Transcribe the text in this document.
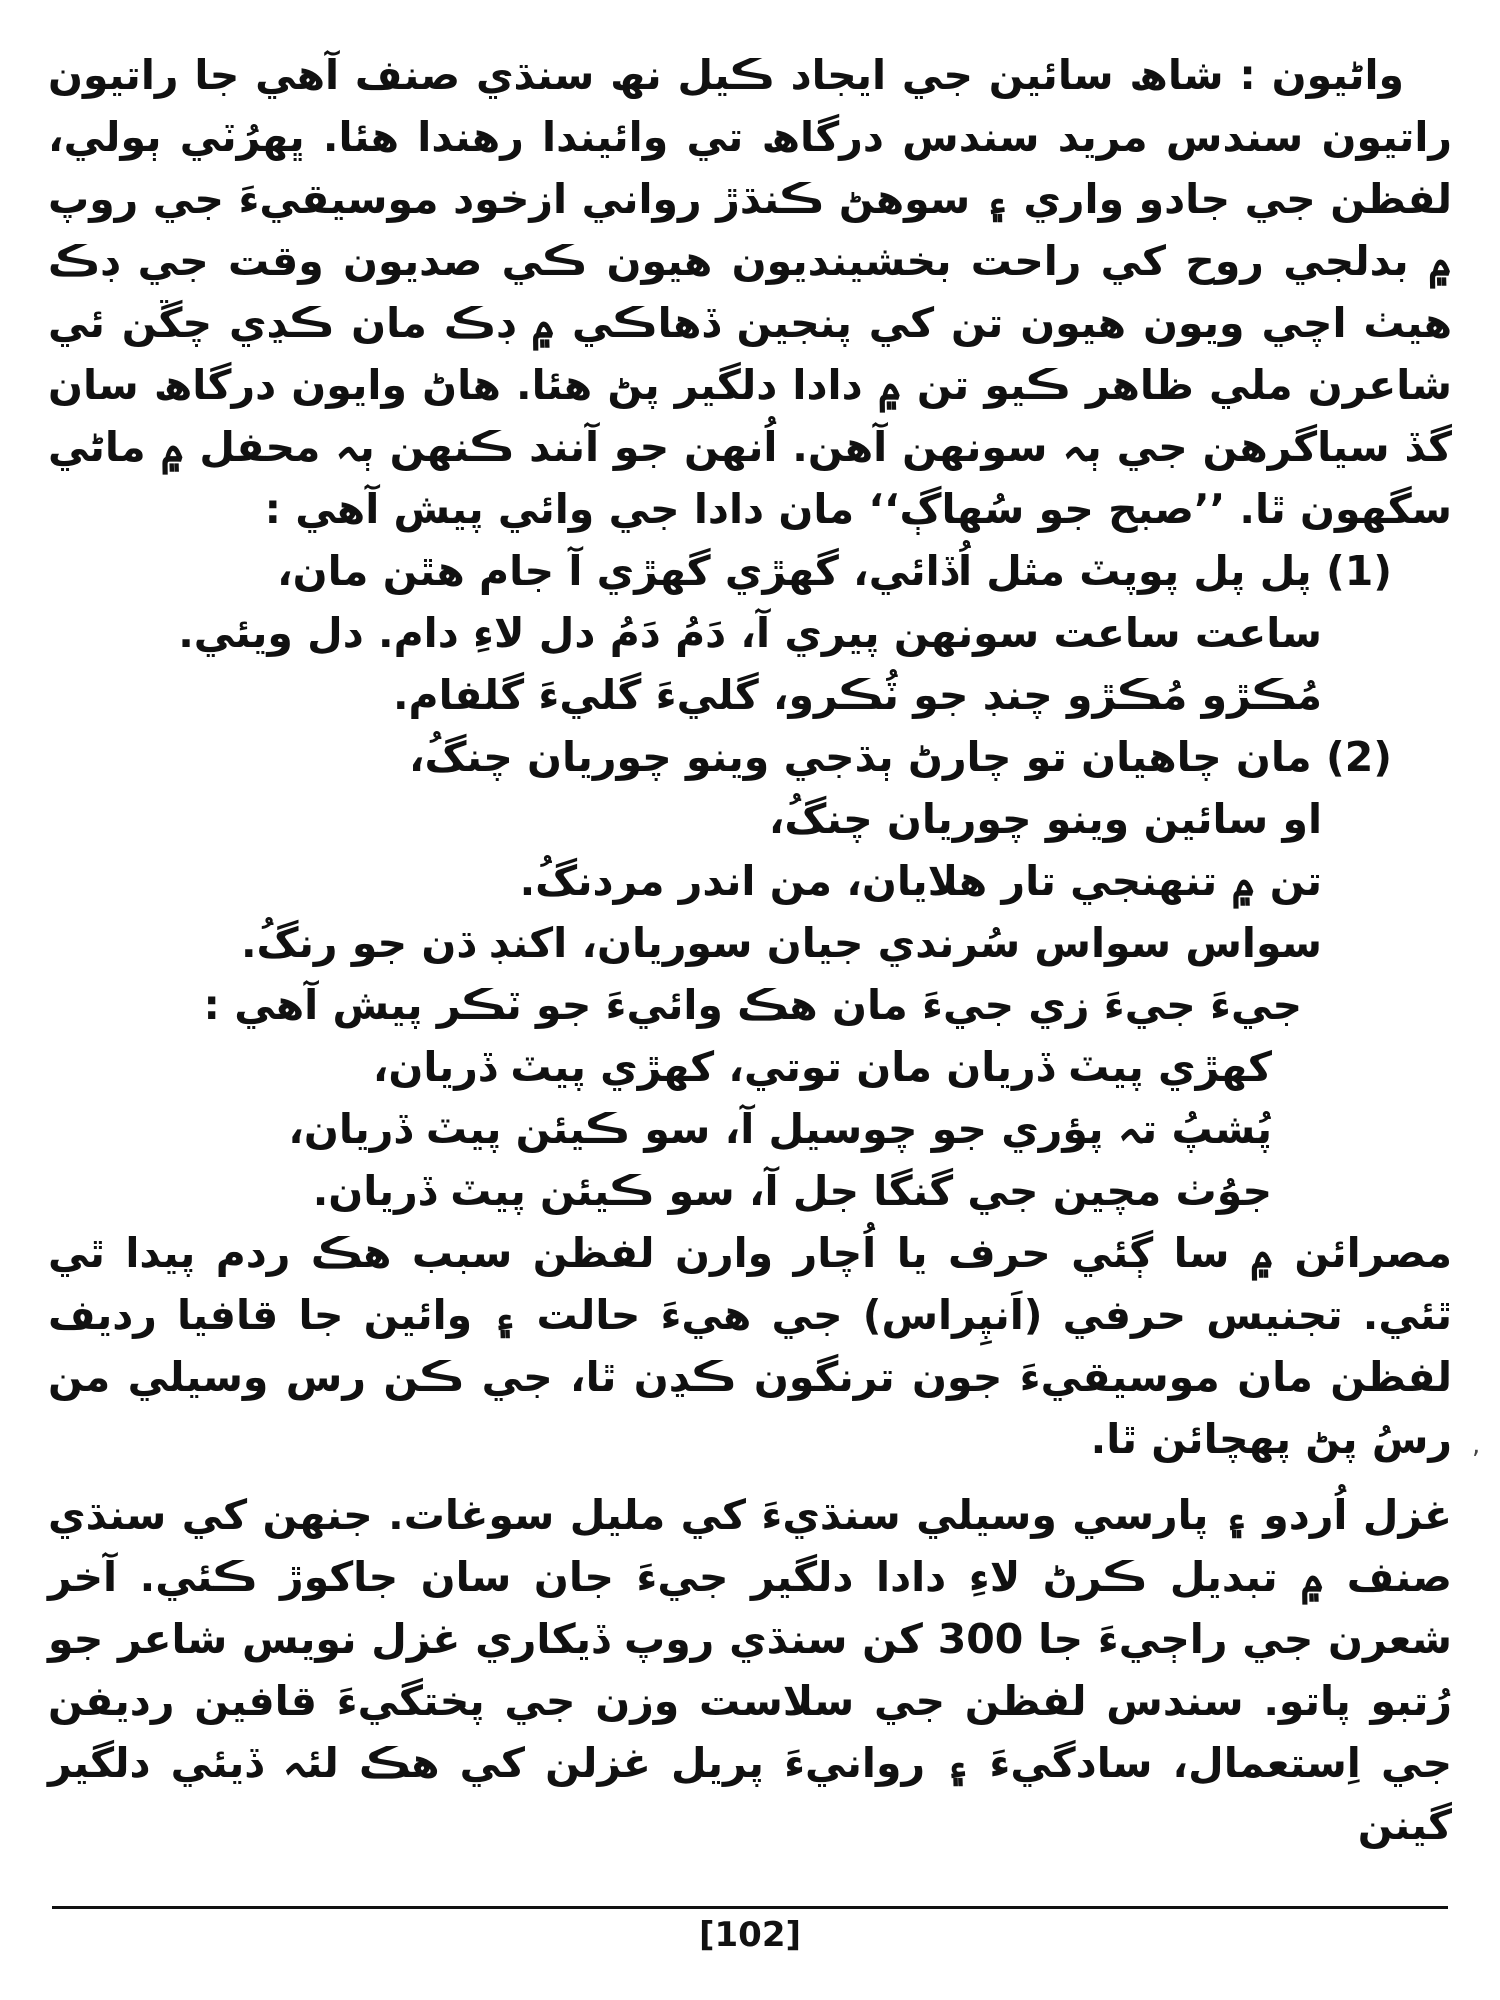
واڻيون : شاھ سائين جي ايجاد ڪيل نھ سنڌي صنف آھي جا راتيون راتيون سندس مريد سندس درگاھ تي وائيندا رھندا ھئا. ڀھرُٽي ٻولي، لفظن جي جادو واري ۽ سوھڻ ڪنڌڙ رواني ازخود موسيقيءَ جي روپ ۾ بدلجي روح کي راحت بخشينديون ھيون ڪي صديون وقت جي ڊڪ ھيٺ اچي ويون ھيون تن کي پنجين ڏھاڪي ۾ ڊڪ مان ڪڍي چڱن ئي شاعرن ملي ظاھر ڪيو تن ۾ دادا دلگير پڻ ھئا. ھاڻ وايون درگاھ سان گڏ سياگرھن جي ٻہ سونھن آھن. اُنھن جو آنند ڪنھن ٻہ محفل ۾ ماڻي سگھون ٿا. ’’صبح جو سُھاڳ‘‘ مان دادا جي وائي پيش آھي :

(1) پل پل پوپٽ مثل اُڏائي، گھڙي گھڙي آ جام ھٿن مان،

ساعت ساعت سونھن پيري آ، دَمُ دَمُ دل لاءِ دام. دل ويئي.

مُڪڙو مُڪڙو چنڊ جو ٽُڪرو، گليءَ گليءَ گلفام.

(2) مان چاھيان تو چارڻ ٻڌجي وينو چوريان چنگُ،

او سائين وينو چوريان چنگُ،

تن ۾ تنھنجي تار ھلايان، من اندر مردنگُ.

سواس سواس سُرندي جيان سوريان، اکنڊ ڌن جو رنگُ.

جيءَ جيءَ زي جيءَ مان ھڪ وائيءَ جو ٽڪر پيش آھي :

کھڙي پيٽ ڏريان مان توتي، کھڙي پيٽ ڏريان،

پُشپُ تہ پؤري جو چوسيل آ، سو ڪيئن پيٽ ڏريان،

جوُٺ مچين جي گنگا جل آ، سو ڪيئن پيٽ ڏريان.

مصرائن ۾ سا ڳئي حرف يا اُچار وارن لفظن سبب ھڪ ردم پيدا ٿي ٿئي. تجنيس حرفي (اَنپِراس) جي ھيءَ حالت ۽ وائين جا قافيا رديف لفظن مان موسيقيءَ جون ترنگون ڪڍن ٿا، جي ڪن رس وسيلي من رسُ پڻ پھچائن ٿا.

غزل اُردو ۽ پارسي وسيلي سنڌيءَ کي مليل سوغات. جنھن کي سنڌي صنف ۾ تبديل ڪرڻ لاءِ دادا دلگير جيءَ جان سان جاکوڙ ڪئي. آخر شعرن جي راڄيءَ جا 300 کن سنڌي روپ ڏيکاري غزل نويس شاعر جو رُتبو پاتو. سندس لفظن جي سلاست وزن جي پختگيءَ قافين رديفن جي اِستعمال، سادگيءَ ۽ روانيءَ پريل غزلن کي ھڪ لئہ ڏيئي دلگير گينن

,
[102]
